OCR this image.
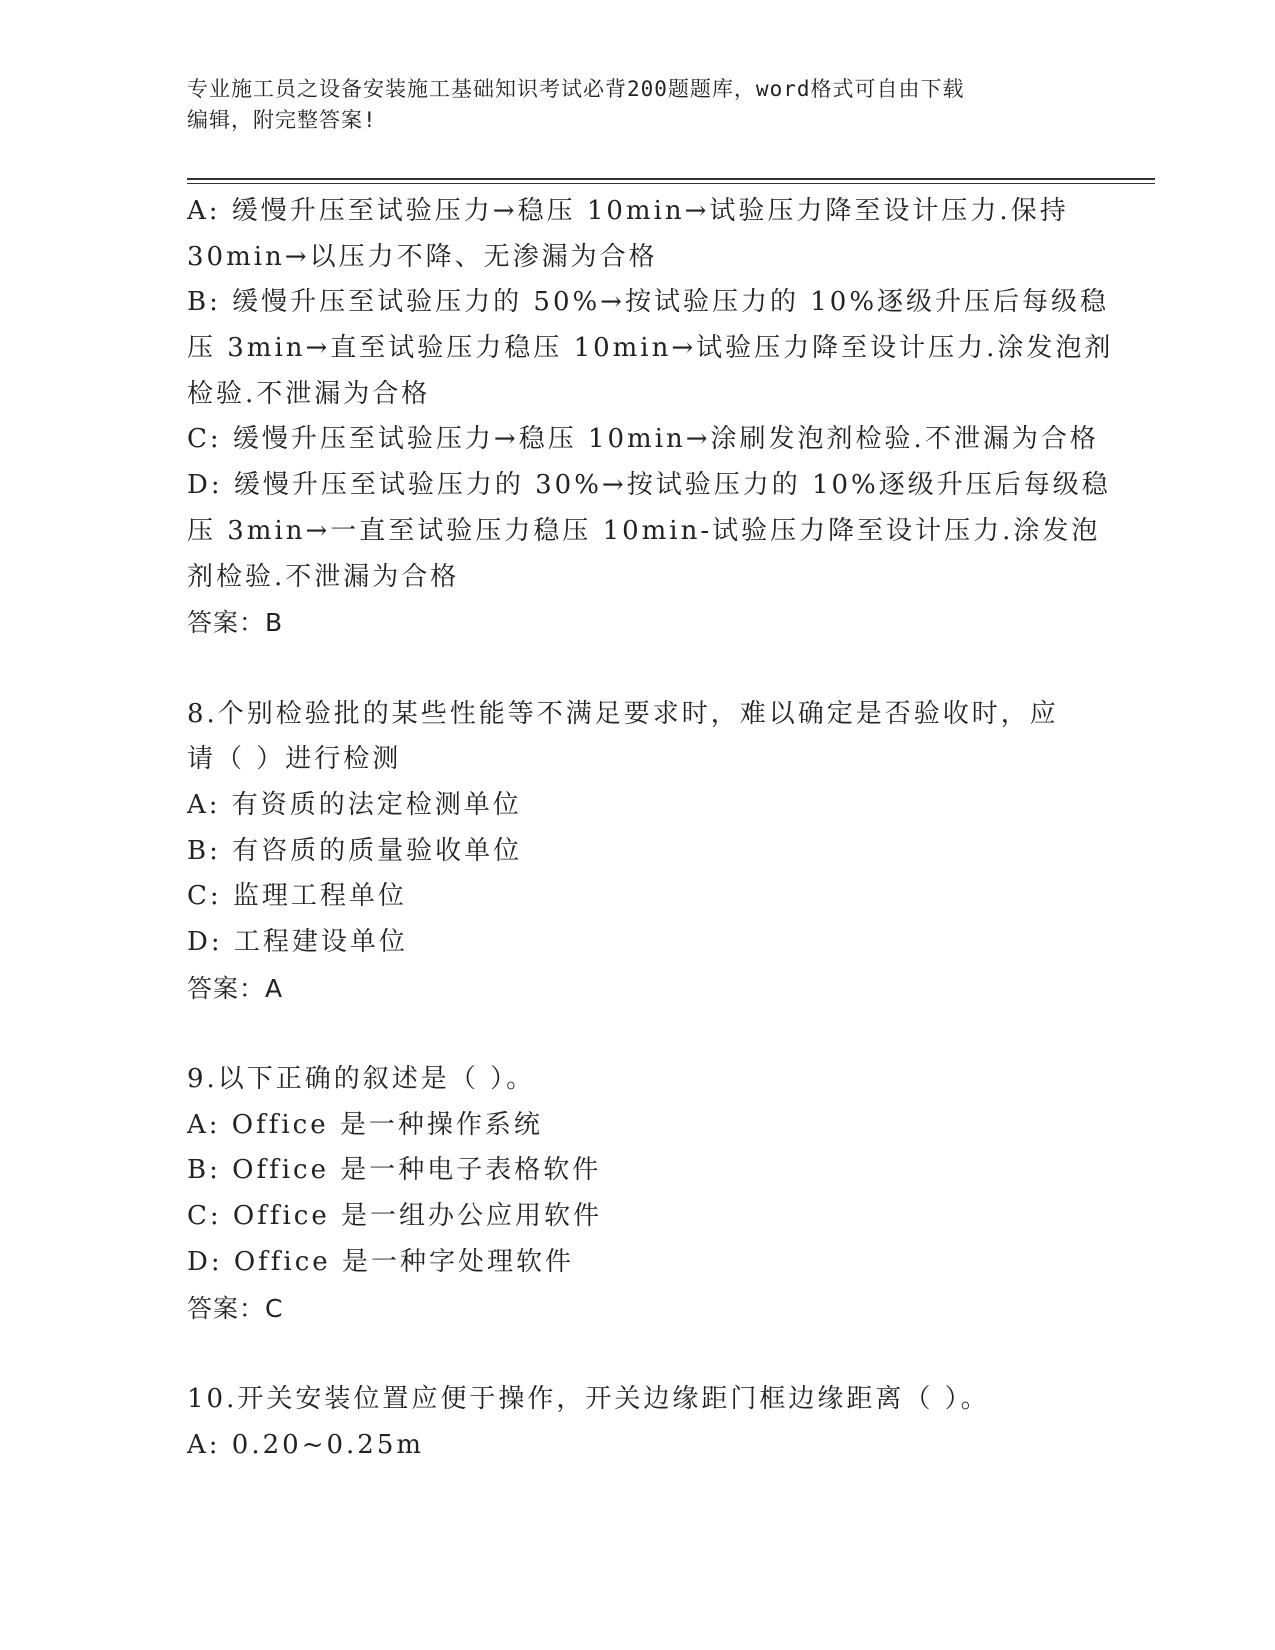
专业施工员之设备安装施工基础知识考试必背200题题库，word格式可自由下载
编辑，附完整答案!
A: 缓慢升压至试验压力→稳压 10min→试验压力降至设计压力.保持
30min→以压力不降、无渗漏为合格
B: 缓慢升压至试验压力的 50%→按试验压力的 10%逐级升压后每级稳
压 3min→直至试验压力稳压 10min→试验压力降至设计压力.涂发泡剂
检验.不泄漏为合格
C: 缓慢升压至试验压力→稳压 10min→涂刷发泡剂检验.不泄漏为合格
D: 缓慢升压至试验压力的 30%→按试验压力的 10%逐级升压后每级稳
压 3min→一直至试验压力稳压 10min-试验压力降至设计压力.涂发泡
剂检验.不泄漏为合格
答案：B
8.个别检验批的某些性能等不满足要求时，难以确定是否验收时，应
请（ ）进行检测
A: 有资质的法定检测单位
B: 有咨质的质量验收单位
C: 监理工程单位
D: 工程建设单位
答案：A
9.以下正确的叙述是（ ）。
A: Office 是一种操作系统
B: Office 是一种电子表格软件
C: Office 是一组办公应用软件
D: Office 是一种字处理软件
答案：C
10.开关安装位置应便于操作，开关边缘距门框边缘距离（ ）。
A: 0.20~0.25m
